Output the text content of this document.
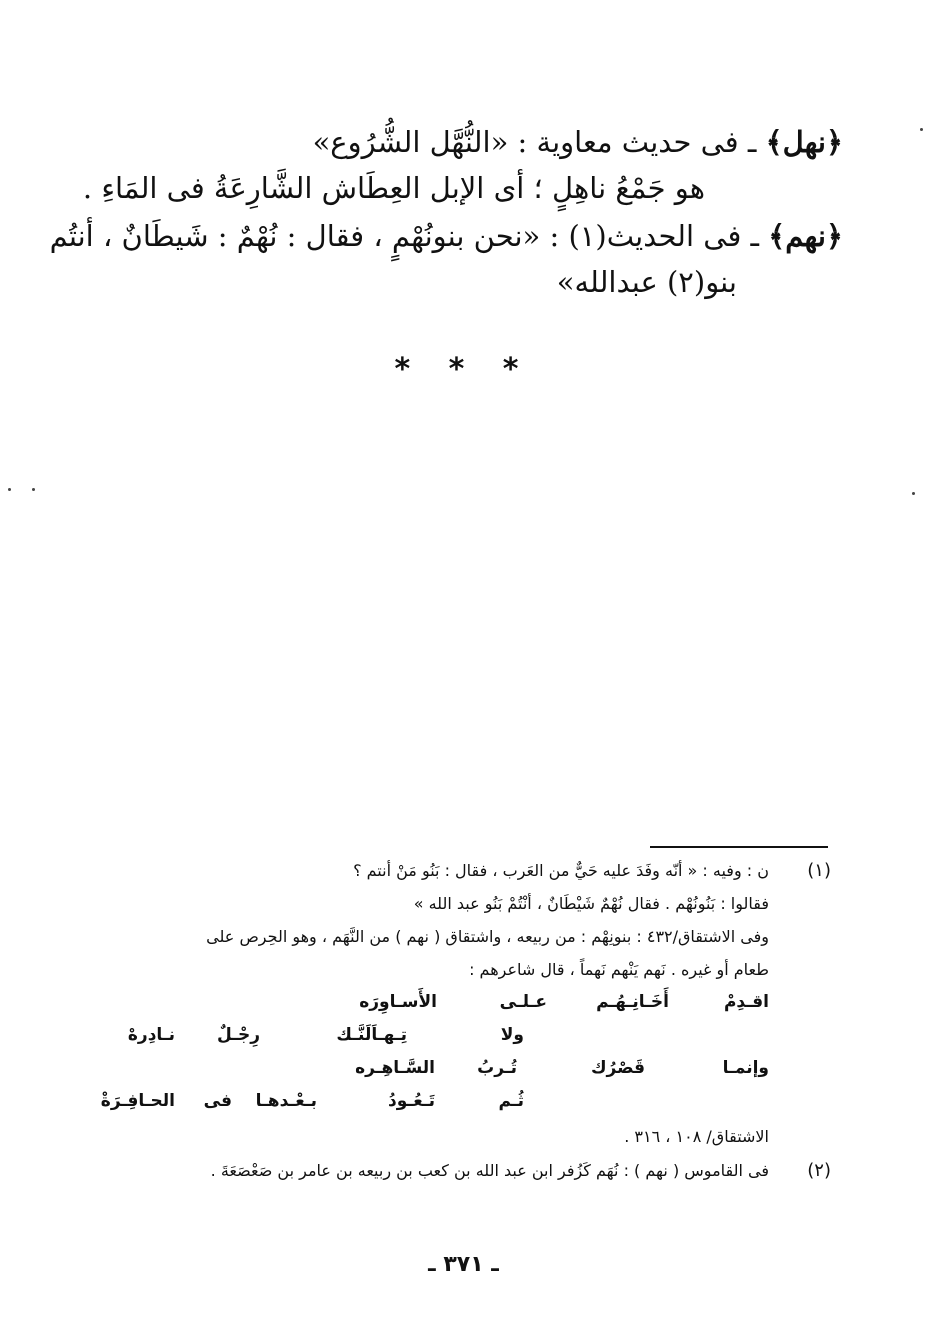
﴿نهل﴾ ـ فى حديث معاوية : «النُّهَّل الشُّرُوع»
هو جَمْعُ ناهِلٍ ؛ أى الإبل العِطَاش الشَّارِعَةُ فى المَاءِ .
﴿نهم﴾ ـ فى الحديث(١) : «نحن بنونُهْمٍ ، فقال : نُهْمٌ : شَيطَانٌ ، أنتُم
بنو(٢) عبدالله»
* * *
(١)
ن : وفيه : « أنّه وفَدَ عليه حَيٌّ من العَرب ، فقال : بَنُو مَنْ أنتم ؟
فقالوا : بَنُونُهْم . فقال نُهْمٌ شَيْطَانٌ ، أنْتُمْ بَنُو عبد الله »
وفى الاشتقاق/٤٣٢ : بنونِهْم : من ربيعه ، واشتقاق ( نهم ) من النَّهَم ، وهو الحِرص على
طعام أو غيره . نَهم يَنْهم نَهماً ، قال شاعرهم :
اقـدِمْ
أَخَـانِـهُـم
عـلـى
الأَسـاوِرَه
ولا
تِـهـاَلَنَّـك
رِجْـلٌ
نـادِرهْ
وإنمـا
قَصْرُك
تُـربُ
السَّـاهِـره
ثُـم
تَـعُـودُ
بـعْـدهـا
فى
الحـافِـرَةْ
الاشتقاق/ ١٠٨ ، ٣١٦ .
(٢)
فى القاموس ( نهم ) : نُهَم كَزُفر ابن عبد الله بن كعب بن ربيعه بن عامر بن صَعْصَعَةَ .
ـ ٣٧١ ـ
